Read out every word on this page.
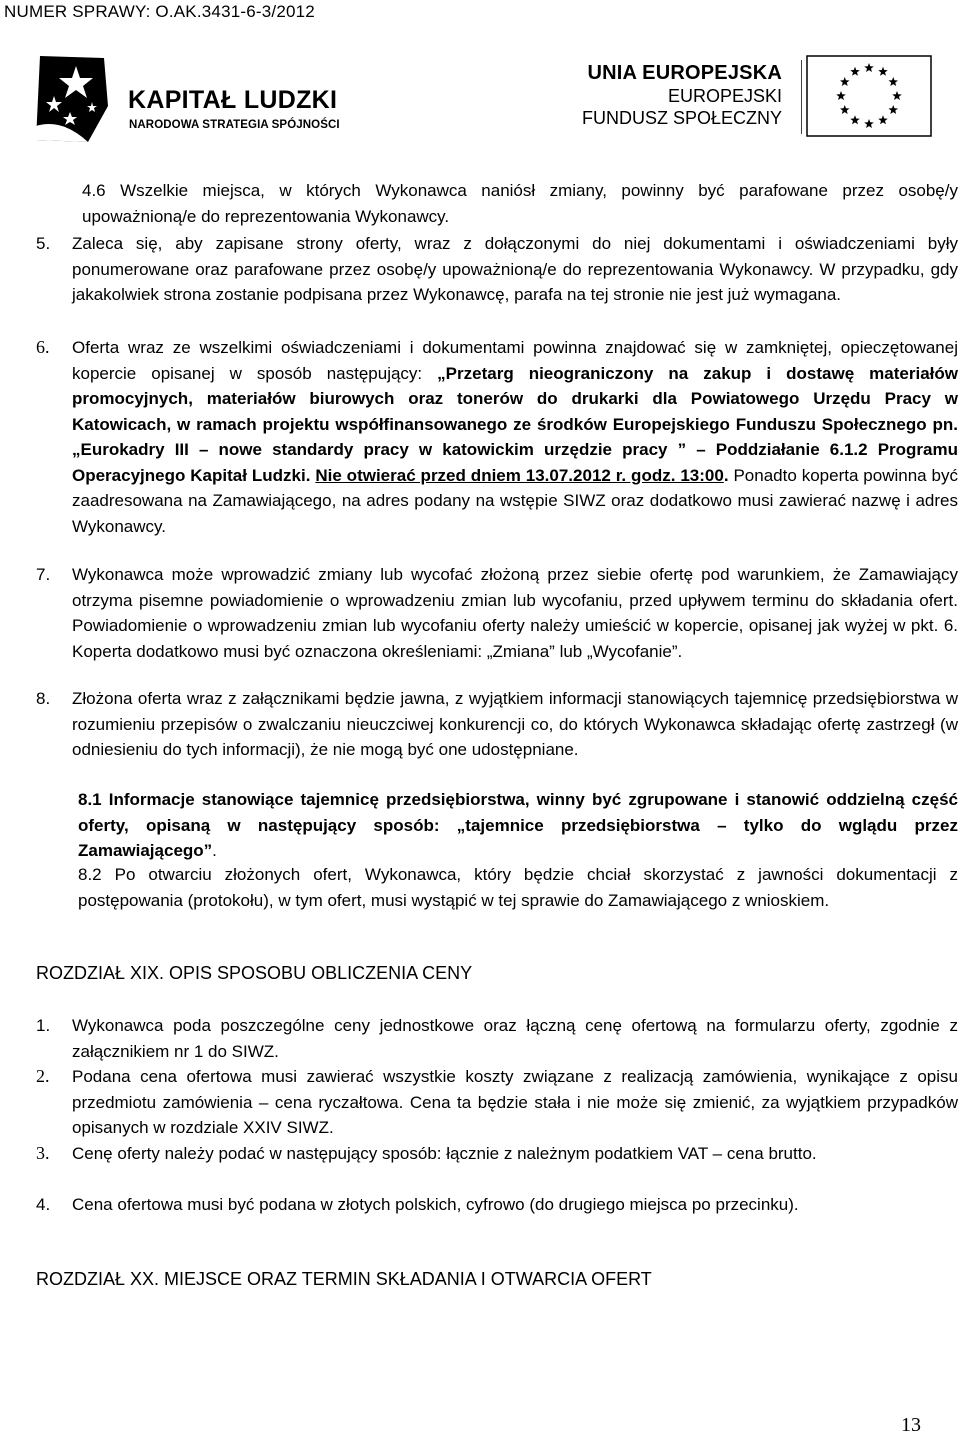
NUMER SPRAWY: O.AK.3431-6-3/2012
KAPITAŁ LUDZKI
NARODOWA STRATEGIA SPÓJNOŚCI
UNIA EUROPEJSKA
EUROPEJSKI
FUNDUSZ SPOŁECZNY
4.6 Wszelkie miejsca, w których Wykonawca naniósł zmiany, powinny być parafowane przez osobę/y upoważnioną/e do reprezentowania Wykonawcy.
5. Zaleca się, aby zapisane strony oferty, wraz z dołączonymi do niej dokumentami i oświadczeniami były ponumerowane oraz parafowane przez osobę/y upoważnioną/e do reprezentowania Wykonawcy. W przypadku, gdy jakakolwiek strona zostanie podpisana przez Wykonawcę, parafa na tej stronie nie jest już wymagana.
6. Oferta wraz ze wszelkimi oświadczeniami i dokumentami powinna znajdować się w zamkniętej, opieczętowanej kopercie opisanej w sposób następujący: „Przetarg nieograniczony na zakup i dostawę materiałów promocyjnych, materiałów biurowych oraz tonerów do drukarki dla Powiatowego Urzędu Pracy w Katowicach, w ramach projektu współfinansowanego ze środków Europejskiego Funduszu Społecznego pn. „Eurokadry III – nowe standardy pracy w katowickim urzędzie pracy ” – Poddziałanie 6.1.2 Programu Operacyjnego Kapitał Ludzki. Nie otwierać przed dniem 13.07.2012 r. godz. 13:00. Ponadto koperta powinna być zaadresowana na Zamawiającego, na adres podany na wstępie SIWZ oraz dodatkowo musi zawierać nazwę i adres Wykonawcy.
7. Wykonawca może wprowadzić zmiany lub wycofać złożoną przez siebie ofertę pod warunkiem, że Zamawiający otrzyma pisemne powiadomienie o wprowadzeniu zmian lub wycofaniu, przed upływem terminu do składania ofert. Powiadomienie o wprowadzeniu zmian lub wycofaniu oferty należy umieścić w kopercie, opisanej jak wyżej w pkt. 6. Koperta dodatkowo musi być oznaczona określeniami: „Zmiana” lub „Wycofanie”.
8. Złożona oferta wraz z załącznikami będzie jawna, z wyjątkiem informacji stanowiących tajemnicę przedsiębiorstwa w rozumieniu przepisów o zwalczaniu nieuczciwej konkurencji co, do których Wykonawca składając ofertę zastrzegł (w odniesieniu do tych informacji), że nie mogą być one udostępniane.
8.1 Informacje stanowiące tajemnicę przedsiębiorstwa, winny być zgrupowane i stanowić oddzielną część oferty, opisaną w następujący sposób: „tajemnice przedsiębiorstwa – tylko do wglądu przez Zamawiającego”.
8.2 Po otwarciu złożonych ofert, Wykonawca, który będzie chciał skorzystać z jawności dokumentacji z postępowania (protokołu), w tym ofert, musi wystąpić w tej sprawie do Zamawiającego z wnioskiem.
ROZDZIAŁ XIX. OPIS SPOSOBU OBLICZENIA CENY
1. Wykonawca poda poszczególne ceny jednostkowe oraz łączną cenę ofertową na formularzu oferty, zgodnie z załącznikiem nr 1 do SIWZ.
2. Podana cena ofertowa musi zawierać wszystkie koszty związane z realizacją zamówienia, wynikające z opisu przedmiotu zamówienia – cena ryczałtowa. Cena ta będzie stała i nie może się zmienić, za wyjątkiem przypadków opisanych w rozdziale XXIV SIWZ.
3. Cenę oferty należy podać w następujący sposób: łącznie z należnym podatkiem VAT – cena brutto.
4. Cena ofertowa musi być podana w złotych polskich, cyfrowo (do drugiego miejsca po przecinku).
ROZDZIAŁ XX. MIEJSCE ORAZ TERMIN SKŁADANIA I OTWARCIA OFERT
13
